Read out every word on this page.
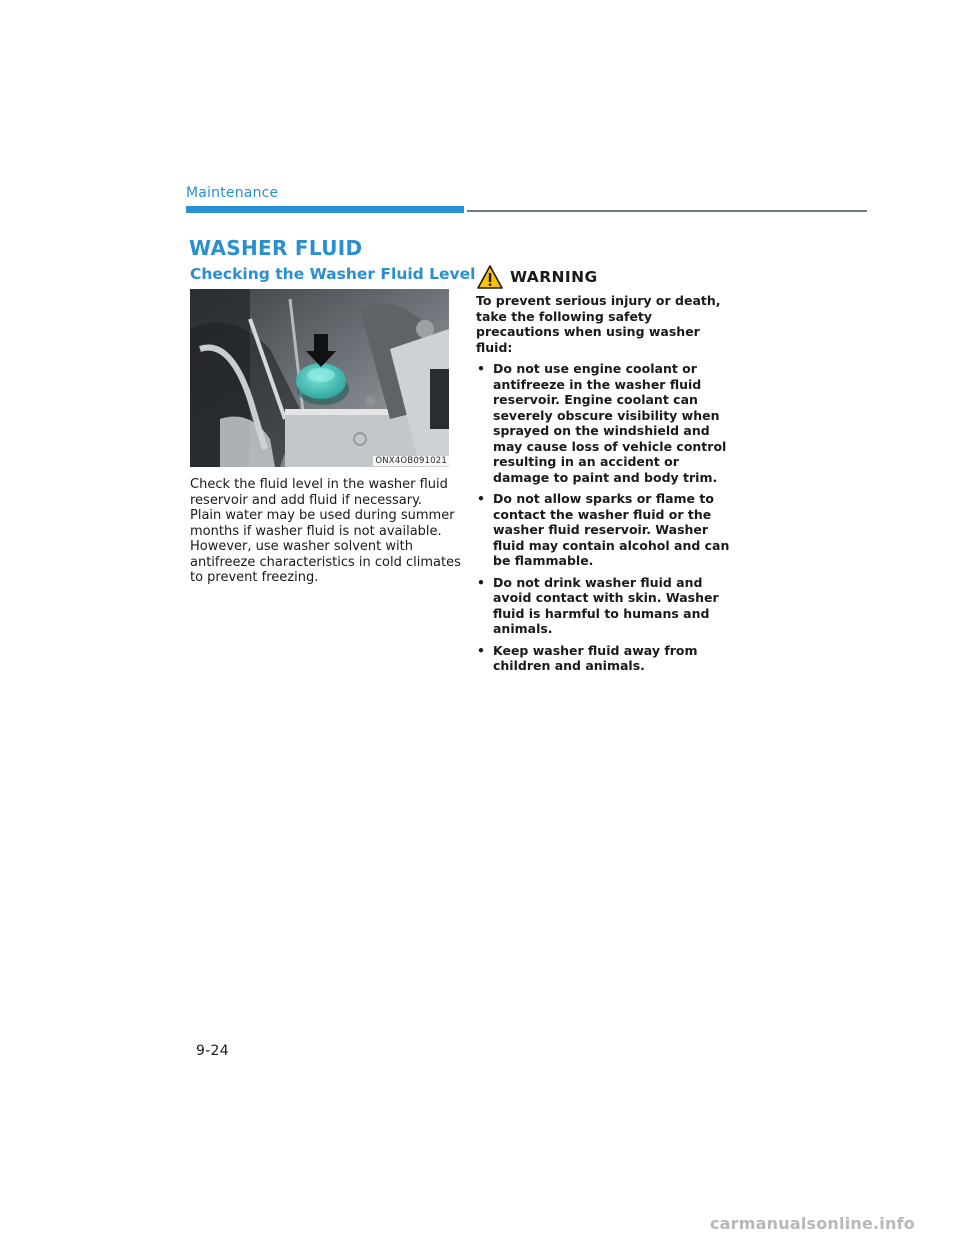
Maintenance
WASHER FLUID
Checking the Washer Fluid Level
ONX4OB091021

Check the fluid level in the washer fluid reservoir and add fluid if necessary.

Plain water may be used during summer months if washer fluid is not available. However, use washer solvent with antifreeze characteristics in cold climates to prevent freezing.

WARNING

To prevent serious injury or death, take the following safety precautions when using washer fluid:

• Do not use engine coolant or antifreeze in the washer fluid reservoir. Engine coolant can severely obscure visibility when sprayed on the windshield and may cause loss of vehicle control resulting in an accident or damage to paint and body trim.
• Do not allow sparks or flame to contact the washer fluid or the washer fluid reservoir. Washer fluid may contain alcohol and can be flammable.
• Do not drink washer fluid and avoid contact with skin. Washer fluid is harmful to humans and animals.
• Keep washer fluid away from children and animals.
9-24
carmanualsonline.info
